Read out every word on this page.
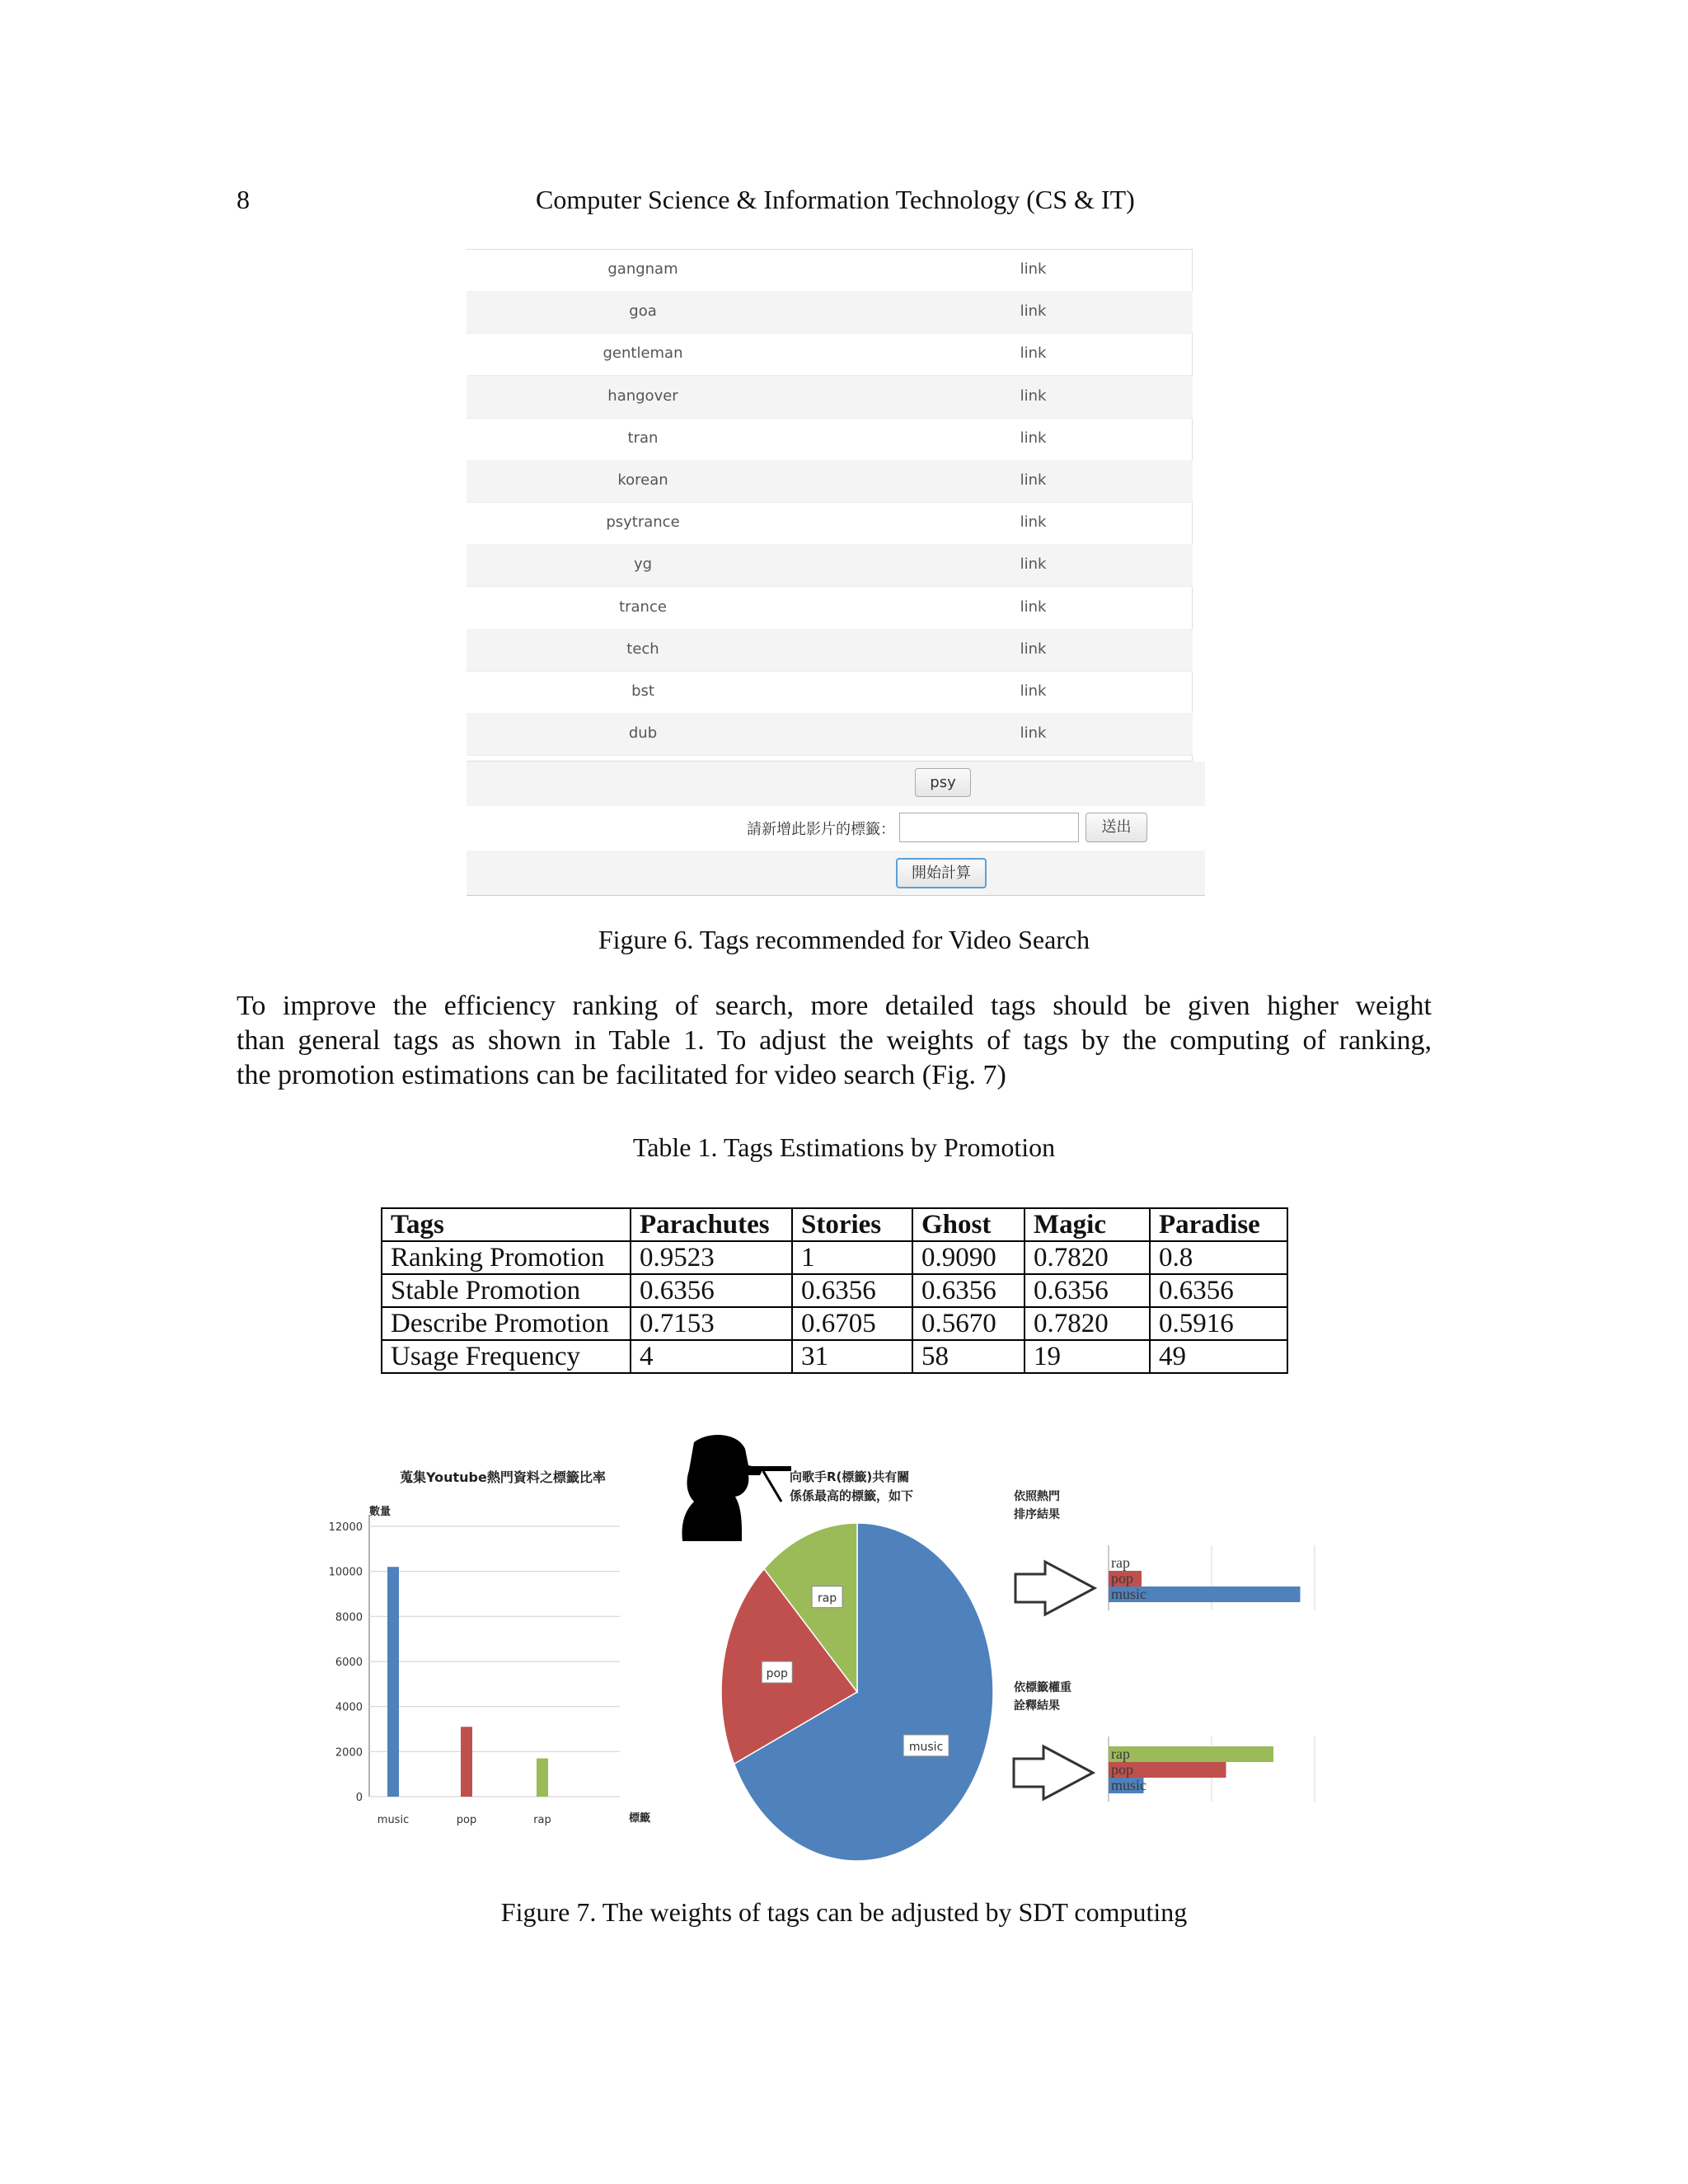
8	Computer Science & Information Technology (CS & IT)
gangnam	link
goa	link
gentleman	link
hangover	link
tran	link
korean	link
psytrance	link
yg	link
trance	link
tech	link
bst	link
dub	link
psy
請新增此影片的標籤：	送出
開始計算
Figure 6. Tags recommended for Video Search
To improve the efficiency ranking of search, more detailed tags should be given higher weight
than general tags as shown in Table 1. To adjust the weights of tags by the computing of ranking,
the promotion estimations can be facilitated for video search (Fig. 7)
Table 1. Tags Estimations by Promotion
Tags	Parachutes	Stories	Ghost	Magic	Paradise
Ranking Promotion	0.9523	1	0.9090	0.7820	0.8
Stable Promotion	0.6356	0.6356	0.6356	0.6356	0.6356
Describe Promotion	0.7153	0.6705	0.5670	0.7820	0.5916
Usage Frequency	4	31	58	19	49
蒐集Youtube熱門資料之標籤比率
數量
標籤
0
2000
4000
6000
8000
10000
12000
music	pop	rap
向歌手R(標籤)共有關 係係最高的標籤，如下
music
pop
rap
依照熱門 排序結果
依標籤權重 詮釋結果
rap
pop
music
rap
pop
music
Figure 7. The weights of tags can be adjusted by SDT computing
